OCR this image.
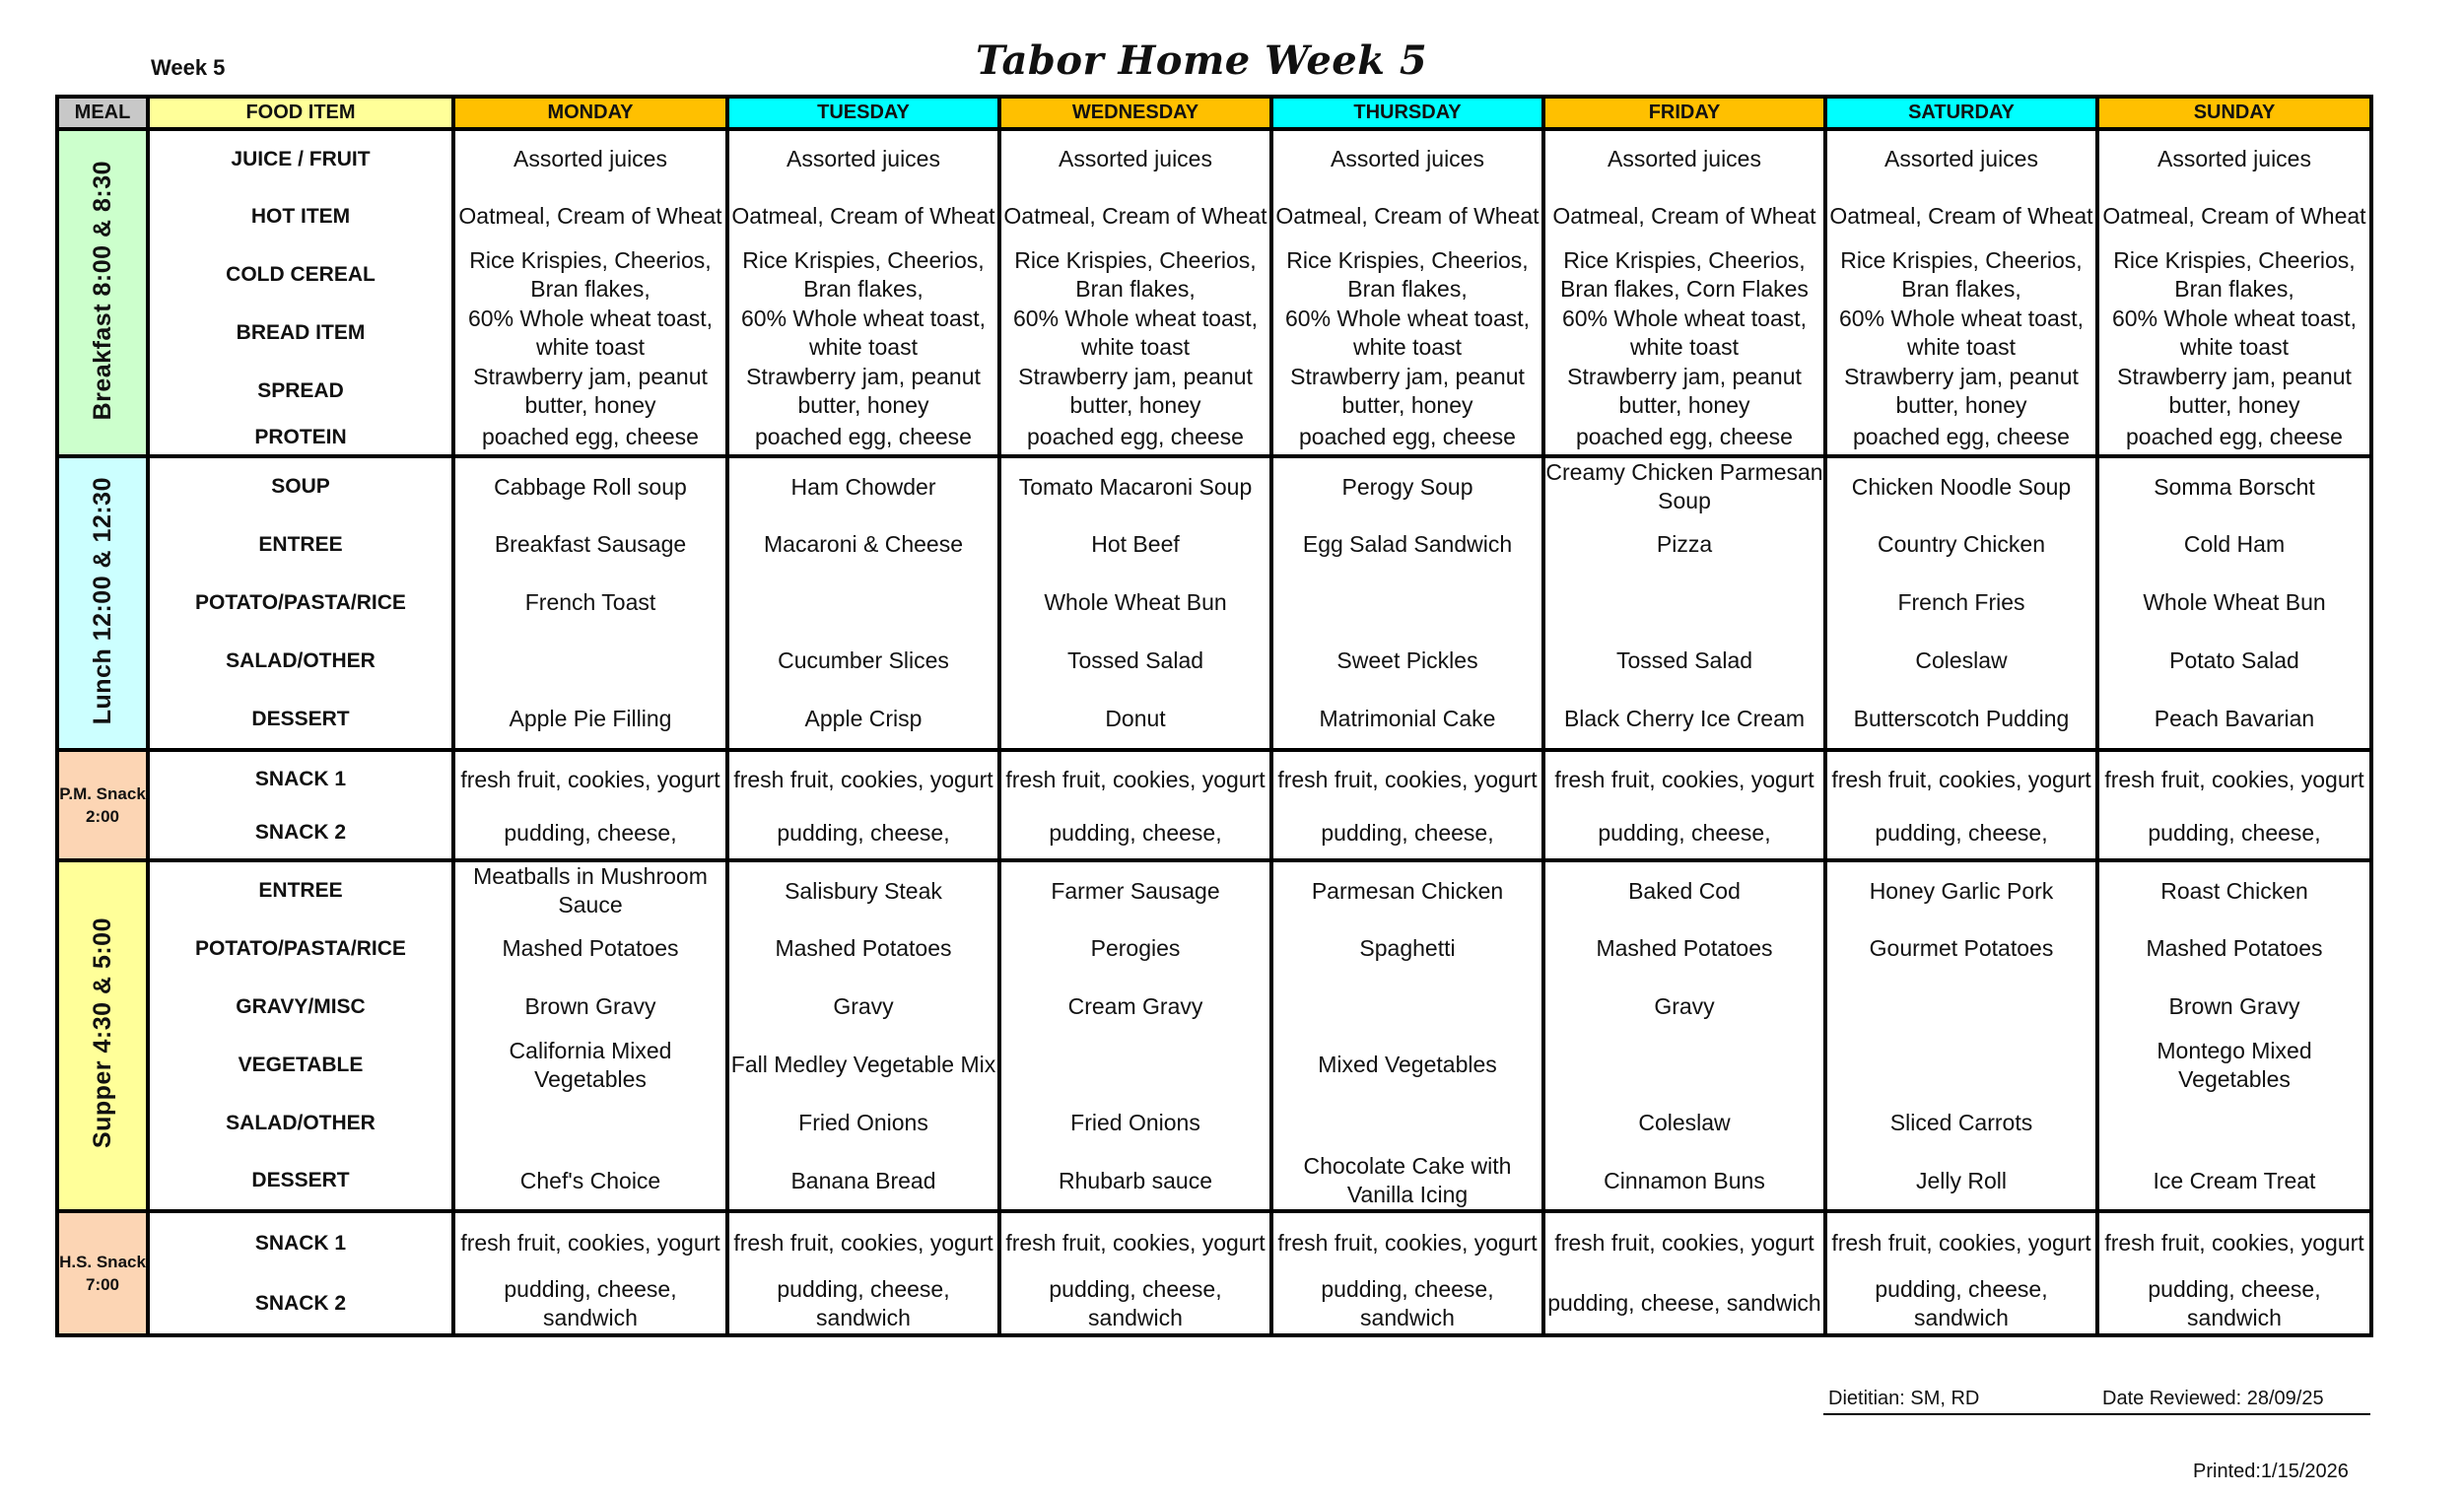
Week 5	Tabor Home Week 5
MEAL	FOOD ITEM	MONDAY	TUESDAY	WEDNESDAY	THURSDAY	FRIDAY	SATURDAY	SUNDAY
Breakfast 8:00 & 8:30	JUICE / FRUIT	Assorted juices	Assorted juices	Assorted juices	Assorted juices	Assorted juices	Assorted juices	Assorted juices
	HOT ITEM	Oatmeal, Cream of Wheat	Oatmeal, Cream of Wheat	Oatmeal, Cream of Wheat	Oatmeal, Cream of Wheat	Oatmeal, Cream of Wheat	Oatmeal, Cream of Wheat	Oatmeal, Cream of Wheat
	COLD CEREAL	Rice Krispies, Cheerios, Bran flakes,	Rice Krispies, Cheerios, Bran flakes,	Rice Krispies, Cheerios, Bran flakes,	Rice Krispies, Cheerios, Bran flakes,	Rice Krispies, Cheerios, Bran flakes, Corn Flakes	Rice Krispies, Cheerios, Bran flakes,	Rice Krispies, Cheerios, Bran flakes,
	BREAD ITEM	60% Whole wheat toast, white toast	60% Whole wheat toast, white toast	60% Whole wheat toast, white toast	60% Whole wheat toast, white toast	60% Whole wheat toast, white toast	60% Whole wheat toast, white toast	60% Whole wheat toast, white toast
	SPREAD	Strawberry jam, peanut butter, honey	Strawberry jam, peanut butter, honey	Strawberry jam, peanut butter, honey	Strawberry jam, peanut butter, honey	Strawberry jam, peanut butter, honey	Strawberry jam, peanut butter, honey	Strawberry jam, peanut butter, honey
	PROTEIN	poached egg, cheese	poached egg, cheese	poached egg, cheese	poached egg, cheese	poached egg, cheese	poached egg, cheese	poached egg, cheese
Lunch 12:00 & 12:30	SOUP	Cabbage Roll soup	Ham Chowder	Tomato Macaroni Soup	Perogy Soup	Creamy Chicken Parmesan Soup	Chicken Noodle Soup	Somma Borscht
	ENTREE	Breakfast Sausage	Macaroni & Cheese	Hot Beef	Egg Salad Sandwich	Pizza	Country Chicken	Cold Ham
	POTATO/PASTA/RICE	French Toast		Whole Wheat Bun			French Fries	Whole Wheat Bun
	SALAD/OTHER		Cucumber Slices	Tossed Salad	Sweet Pickles	Tossed Salad	Coleslaw	Potato Salad
	DESSERT	Apple Pie Filling	Apple Crisp	Donut	Matrimonial Cake	Black Cherry Ice Cream	Butterscotch Pudding	Peach Bavarian
P.M. Snack 2:00	SNACK 1	fresh fruit, cookies, yogurt	fresh fruit, cookies, yogurt	fresh fruit, cookies, yogurt	fresh fruit, cookies, yogurt	fresh fruit, cookies, yogurt	fresh fruit, cookies, yogurt	fresh fruit, cookies, yogurt
	SNACK 2	pudding, cheese,	pudding, cheese,	pudding, cheese,	pudding, cheese,	pudding, cheese,	pudding, cheese,	pudding, cheese,
Supper 4:30 & 5:00	ENTREE	Meatballs in Mushroom Sauce	Salisbury Steak	Farmer Sausage	Parmesan Chicken	Baked Cod	Honey Garlic Pork	Roast Chicken
	POTATO/PASTA/RICE	Mashed Potatoes	Mashed Potatoes	Perogies	Spaghetti	Mashed Potatoes	Gourmet Potatoes	Mashed Potatoes
	GRAVY/MISC	Brown Gravy	Gravy	Cream Gravy		Gravy		Brown Gravy
	VEGETABLE	California Mixed Vegetables	Fall Medley Vegetable Mix		Mixed Vegetables			Montego Mixed Vegetables
	SALAD/OTHER		Fried Onions	Fried Onions		Coleslaw	Sliced Carrots	
	DESSERT	Chef's Choice	Banana Bread	Rhubarb sauce	Chocolate Cake with Vanilla Icing	Cinnamon Buns	Jelly Roll	Ice Cream Treat
H.S. Snack 7:00	SNACK 1	fresh fruit, cookies, yogurt	fresh fruit, cookies, yogurt	fresh fruit, cookies, yogurt	fresh fruit, cookies, yogurt	fresh fruit, cookies, yogurt	fresh fruit, cookies, yogurt	fresh fruit, cookies, yogurt
	SNACK 2	pudding, cheese, sandwich	pudding, cheese, sandwich	pudding, cheese, sandwich	pudding, cheese, sandwich	pudding, cheese, sandwich	pudding, cheese, sandwich	pudding, cheese, sandwich
Dietitian: SM, RD	Date Reviewed: 28/09/25
Printed:1/15/2026
